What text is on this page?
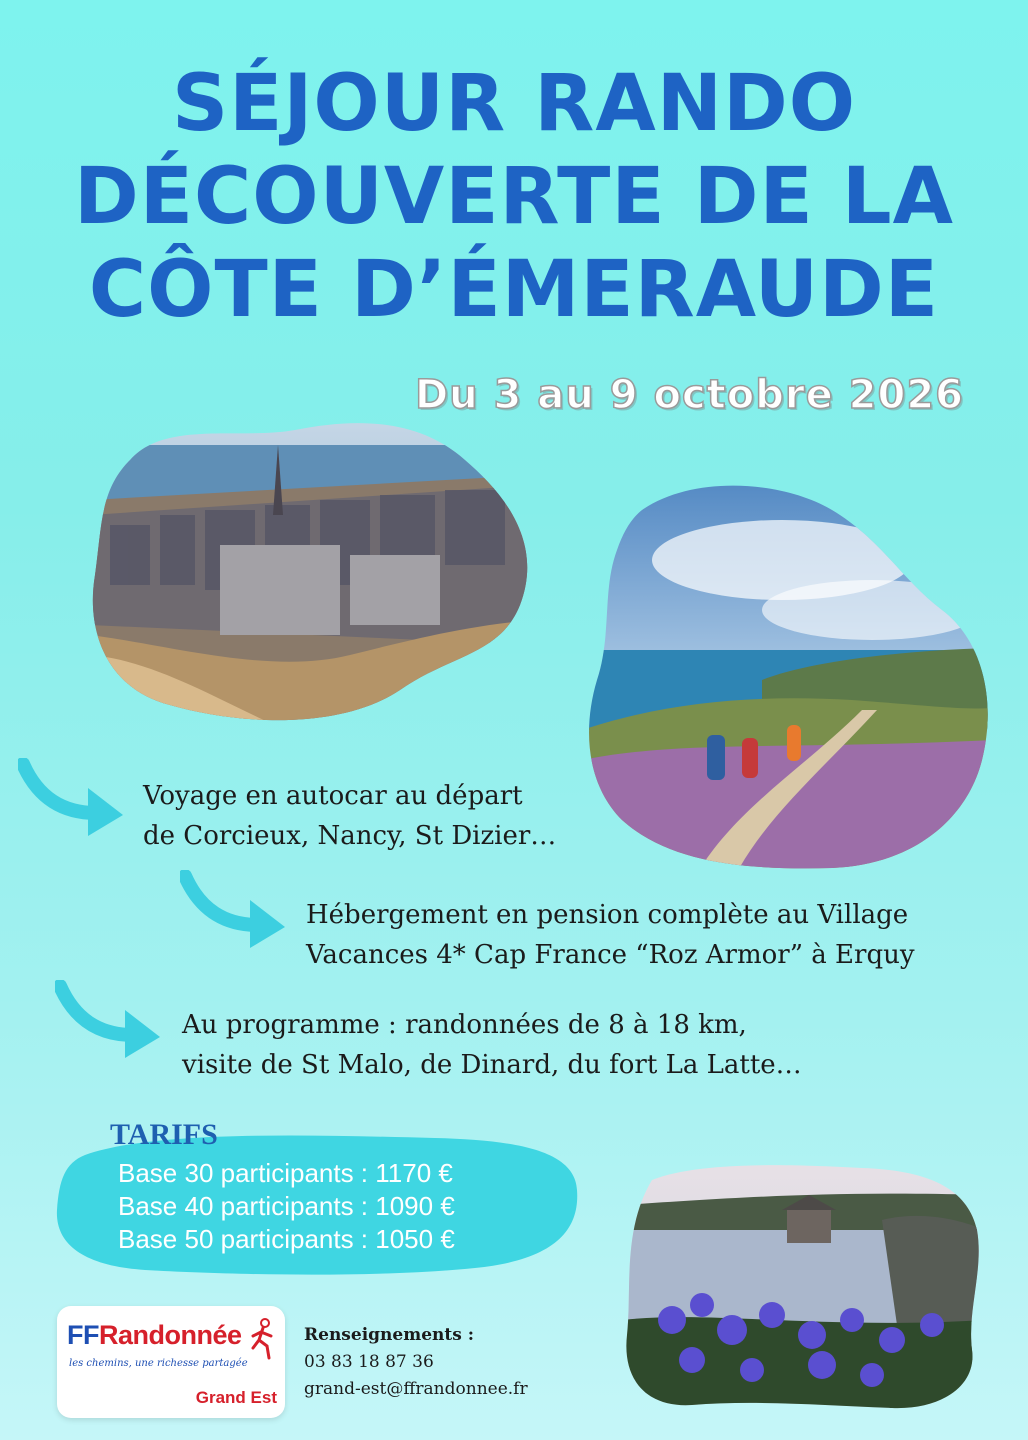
SÉJOUR RANDO
DÉCOUVERTE DE LA
CÔTE D’ÉMERAUDE
Du 3 au 9 octobre 2026
Voyage en autocar au départ
de Corcieux, Nancy, St Dizier…
Hébergement en pension complète au Village
Vacances 4* Cap France “Roz Armor” à Erquy
Au programme : randonnées de 8 à 18 km,
visite de St Malo, de Dinard, du fort La Latte…
TARIFS
Base 30 participants : 1170 €
Base 40 participants : 1090 €
Base 50 participants : 1050 €
FFRandonnée
les chemins, une richesse partagée
Grand Est
Renseignements :
03 83 18 87 36
grand-est@ffrandonnee.fr
